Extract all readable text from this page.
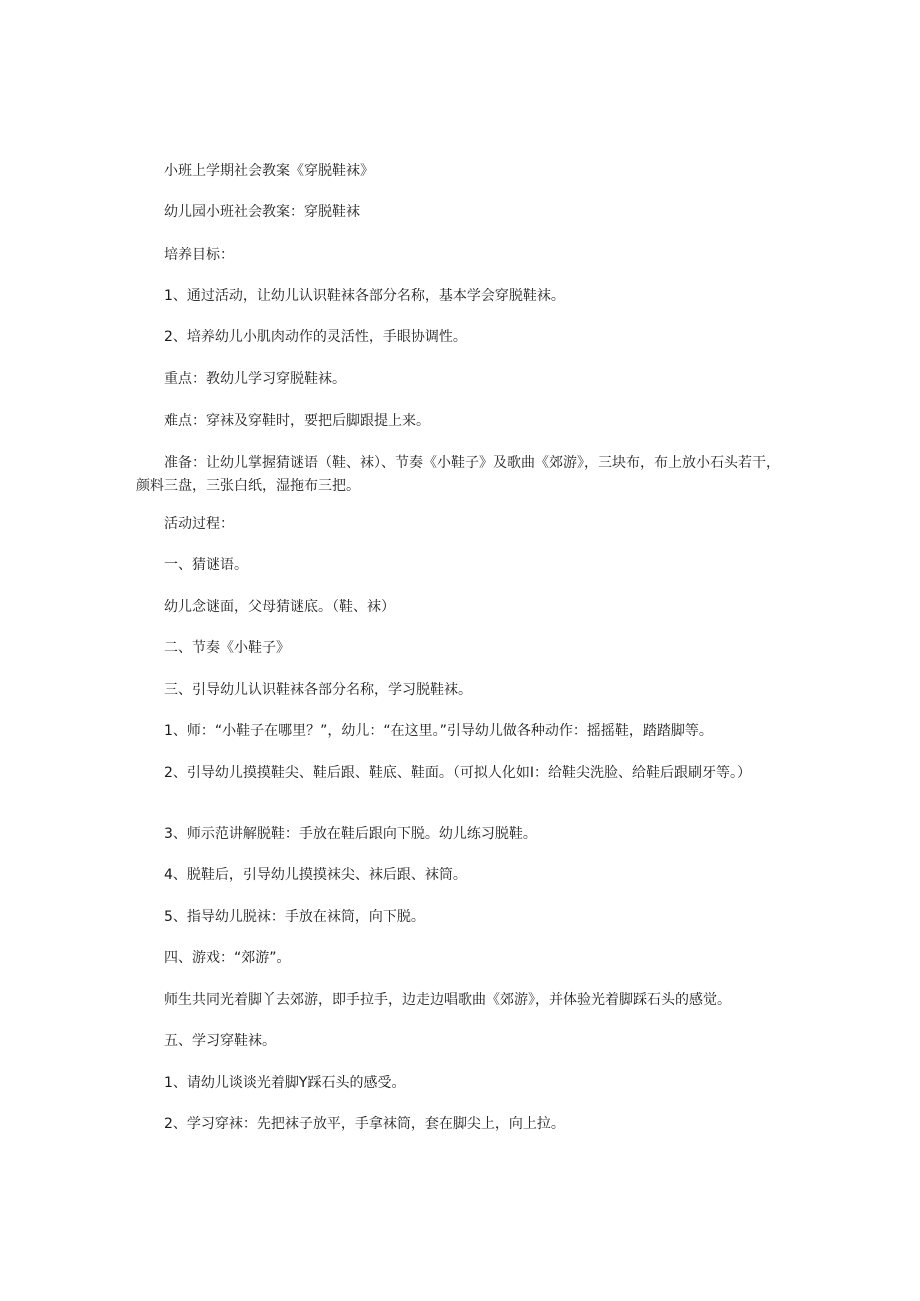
小班上学期社会教案《穿脱鞋袜》

幼儿园小班社会教案：穿脱鞋袜

培养目标：

1、通过活动，让幼儿认识鞋袜各部分名称，基本学会穿脱鞋袜。

2、培养幼儿小肌肉动作的灵活性，手眼协调性。

重点：教幼儿学习穿脱鞋袜。

难点：穿袜及穿鞋时，要把后脚跟提上来。

准备：让幼儿掌握猜谜语（鞋、袜）、节奏《小鞋子》及歌曲《郊游》，三块布，布上放小石头若干，颜料三盘，三张白纸，湿拖布三把。

活动过程：

一、猜谜语。

幼儿念谜面，父母猜谜底。（鞋、袜）

二、节奏《小鞋子》

三、引导幼儿认识鞋袜各部分名称，学习脱鞋袜。

1、师：“小鞋子在哪里？”，幼儿：“在这里。”引导幼儿做各种动作：摇摇鞋，踏踏脚等。

2、引导幼儿摸摸鞋尖、鞋后跟、鞋底、鞋面。（可拟人化如I：给鞋尖洗脸、给鞋后跟刷牙等。）

3、师示范讲解脱鞋：手放在鞋后跟向下脱。幼儿练习脱鞋。

4、脱鞋后，引导幼儿摸摸袜尖、袜后跟、袜筒。

5、指导幼儿脱袜：手放在袜筒，向下脱。

四、游戏：“郊游”。

师生共同光着脚丫去郊游，即手拉手，边走边唱歌曲《郊游》，并体验光着脚踩石头的感觉。

五、学习穿鞋袜。

1、请幼儿谈谈光着脚Y踩石头的感受。

2、学习穿袜：先把袜子放平，手拿袜筒，套在脚尖上，向上拉。
